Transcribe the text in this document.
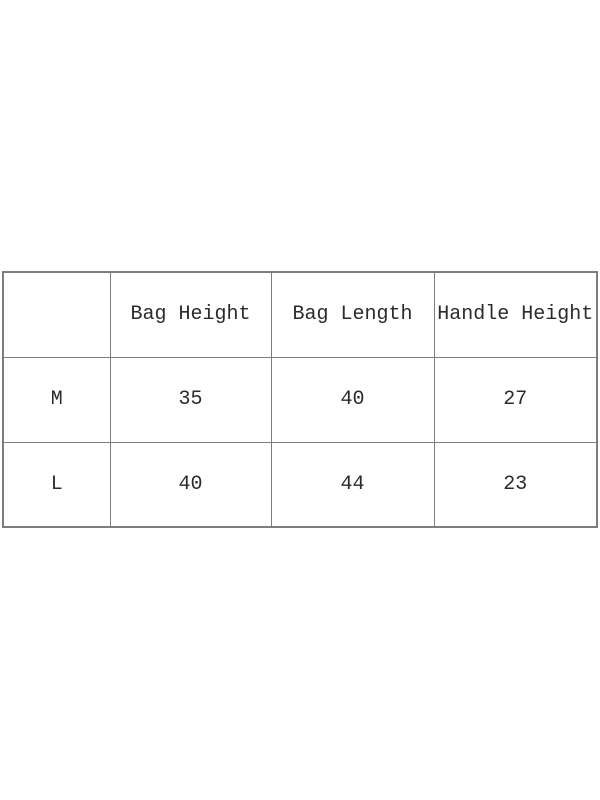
	Bag Height	Bag Length	Handle Height
M	35	40	27
L	40	44	23
